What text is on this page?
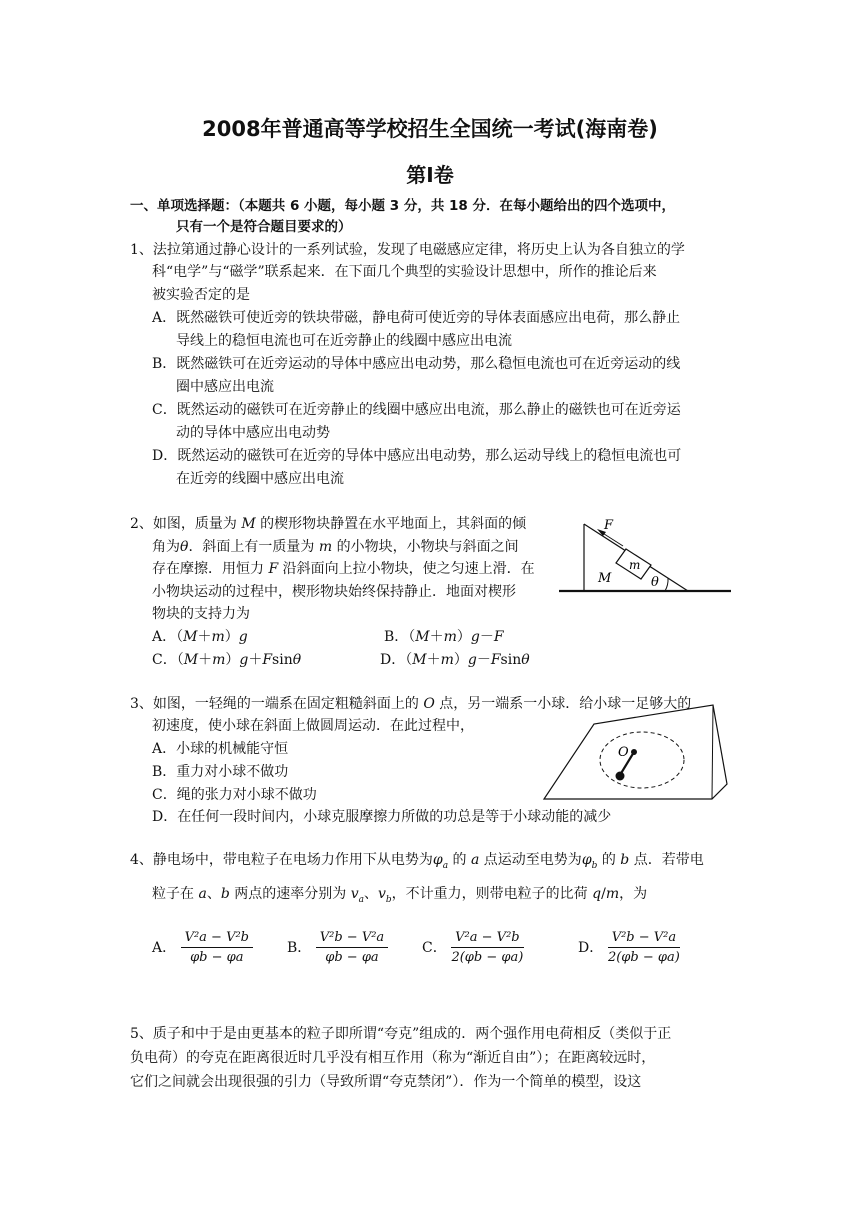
2008年普通高等学校招生全国统一考试(海南卷)
第Ⅰ卷
一、单项选择题：（本题共 6 小题，每小题 3 分，共 18 分．在每小题给出的四个选项中，
只有一个是符合题目要求的）
1、法拉第通过静心设计的一系列试验，发现了电磁感应定律，将历史上认为各自独立的学
科“电学”与“磁学”联系起来．在下面几个典型的实验设计思想中，所作的推论后来
被实验否定的是
A．既然磁铁可使近旁的铁块带磁，静电荷可使近旁的导体表面感应出电荷，那么静止
导线上的稳恒电流也可在近旁静止的线圈中感应出电流
B．既然磁铁可在近旁运动的导体中感应出电动势，那么稳恒电流也可在近旁运动的线
圈中感应出电流
C．既然运动的磁铁可在近旁静止的线圈中感应出电流，那么静止的磁铁也可在近旁运
动的导体中感应出电动势
D．既然运动的磁铁可在近旁的导体中感应出电动势，那么运动导线上的稳恒电流也可
在近旁的线圈中感应出电流
2、如图，质量为 M 的楔形物块静置在水平地面上，其斜面的倾
角为θ．斜面上有一质量为 m 的小物块，小物块与斜面之间
存在摩擦．用恒力 F 沿斜面向上拉小物块，使之匀速上滑．在
小物块运动的过程中，楔形物块始终保持静止．地面对楔形
物块的支持力为
A．（M＋m）g	B．（M＋m）g－F
C．（M＋m）g＋Fsinθ	D．（M＋m）g－Fsinθ
F
m
M	θ
3、如图，一轻绳的一端系在固定粗糙斜面上的 O 点，另一端系一小球．给小球一足够大的
初速度，使小球在斜面上做圆周运动．在此过程中，
A．小球的机械能守恒
B．重力对小球不做功
C．绳的张力对小球不做功
D．在任何一段时间内，小球克服摩擦力所做的功总是等于小球动能的减少
O
4、静电场中，带电粒子在电场力作用下从电势为$\varphi_a$ 的 a 点运动至电势为$\varphi_b$ 的 b 点．若带电
粒子在 a、b 两点的速率分别为 $v_a$、$v_b$，不计重力，则带电粒子的比荷 q/m，为
A． $\frac{\text{V²a − V²b}}{\varphi b - \varphi a}$ B． $\frac{\text{V²b − V²a}}{\varphi b - \varphi a}$ C． $\frac{\text{V²a − V²b}}{2(\varphi b - \varphi a)}$	D． $\frac{\text{V²b − V²a}}{2(\varphi b - \varphi a)}$
5、质子和中于是由更基本的粒子即所谓“夸克”组成的．两个强作用电荷相反（类似于正
负电荷）的夸克在距离很近时几乎没有相互作用（称为“渐近自由”）；在距离较远时，
它们之间就会出现很强的引力（导致所谓“夸克禁闭”）．作为一个简单的模型，设这
